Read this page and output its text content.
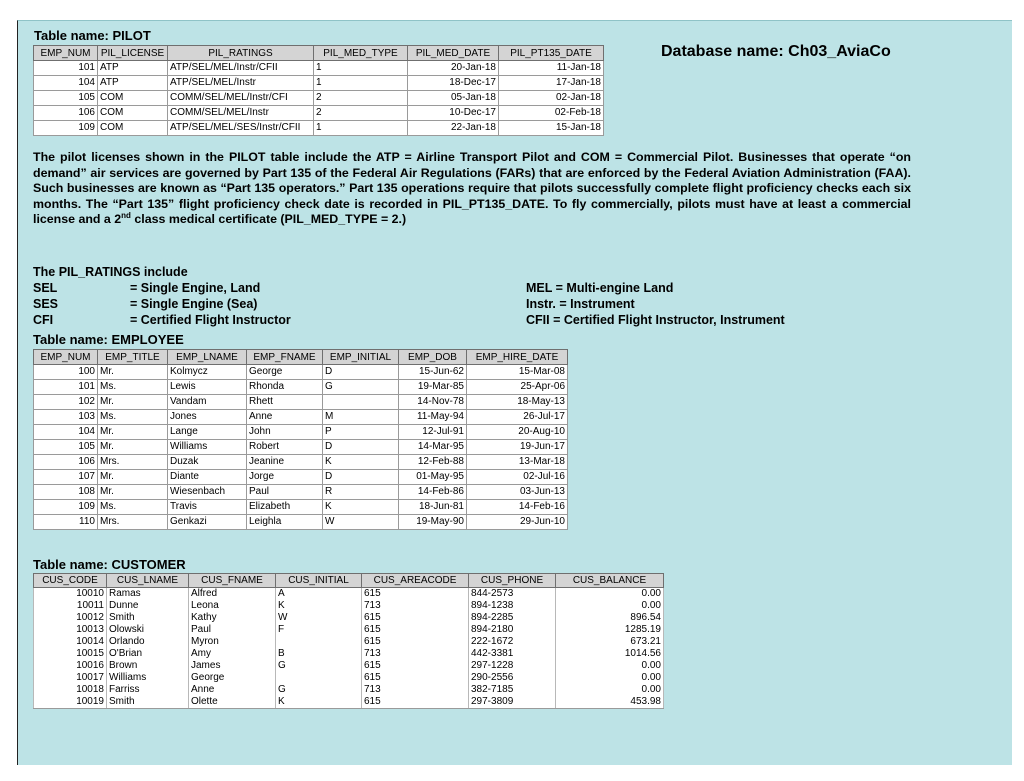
Table name: PILOT
Database name: Ch03_AviaCo
EMP_NUM	PIL_LICENSE	PIL_RATINGS	PIL_MED_TYPE	PIL_MED_DATE	PIL_PT135_DATE
101	ATP	ATP/SEL/MEL/Instr/CFII	1	20-Jan-18	11-Jan-18
104	ATP	ATP/SEL/MEL/Instr	1	18-Dec-17	17-Jan-18
105	COM	COMM/SEL/MEL/Instr/CFI	2	05-Jan-18	02-Jan-18
106	COM	COMM/SEL/MEL/Instr	2	10-Dec-17	02-Feb-18
109	COM	ATP/SEL/MEL/SES/Instr/CFII	1	22-Jan-18	15-Jan-18
The pilot licenses shown in the PILOT table include the ATP = Airline Transport Pilot and COM = Commercial Pilot. Businesses that operate “on demand” air services are governed by Part 135 of the Federal Air Regulations (FARs) that are enforced by the Federal Aviation Administration (FAA). Such businesses are known as “Part 135 operators.” Part 135 operations require that pilots successfully complete flight proficiency checks each six months. The “Part 135” flight proficiency check date is recorded in PIL_PT135_DATE. To fly commercially, pilots must have at least a commercial license and a 2nd class medical certificate (PIL_MED_TYPE = 2.)
The PIL_RATINGS include
SEL	= Single Engine, Land
SES	= Single Engine (Sea)
CFI	= Certified Flight Instructor
MEL = Multi-engine Land
Instr. = Instrument
CFII = Certified Flight Instructor, Instrument
Table name: EMPLOYEE
EMP_NUM	EMP_TITLE	EMP_LNAME	EMP_FNAME	EMP_INITIAL	EMP_DOB	EMP_HIRE_DATE
100	Mr.	Kolmycz	George	D	15-Jun-62	15-Mar-08
101	Ms.	Lewis	Rhonda	G	19-Mar-85	25-Apr-06
102	Mr.	Vandam	Rhett		14-Nov-78	18-May-13
103	Ms.	Jones	Anne	M	11-May-94	26-Jul-17
104	Mr.	Lange	John	P	12-Jul-91	20-Aug-10
105	Mr.	Williams	Robert	D	14-Mar-95	19-Jun-17
106	Mrs.	Duzak	Jeanine	K	12-Feb-88	13-Mar-18
107	Mr.	Diante	Jorge	D	01-May-95	02-Jul-16
108	Mr.	Wiesenbach	Paul	R	14-Feb-86	03-Jun-13
109	Ms.	Travis	Elizabeth	K	18-Jun-81	14-Feb-16
110	Mrs.	Genkazi	Leighla	W	19-May-90	29-Jun-10
Table name: CUSTOMER
CUS_CODE	CUS_LNAME	CUS_FNAME	CUS_INITIAL	CUS_AREACODE	CUS_PHONE	CUS_BALANCE
10010	Ramas	Alfred	A	615	844-2573	0.00
10011	Dunne	Leona	K	713	894-1238	0.00
10012	Smith	Kathy	W	615	894-2285	896.54
10013	Olowski	Paul	F	615	894-2180	1285.19
10014	Orlando	Myron		615	222-1672	673.21
10015	O'Brian	Amy	B	713	442-3381	1014.56
10016	Brown	James	G	615	297-1228	0.00
10017	Williams	George		615	290-2556	0.00
10018	Farriss	Anne	G	713	382-7185	0.00
10019	Smith	Olette	K	615	297-3809	453.98
